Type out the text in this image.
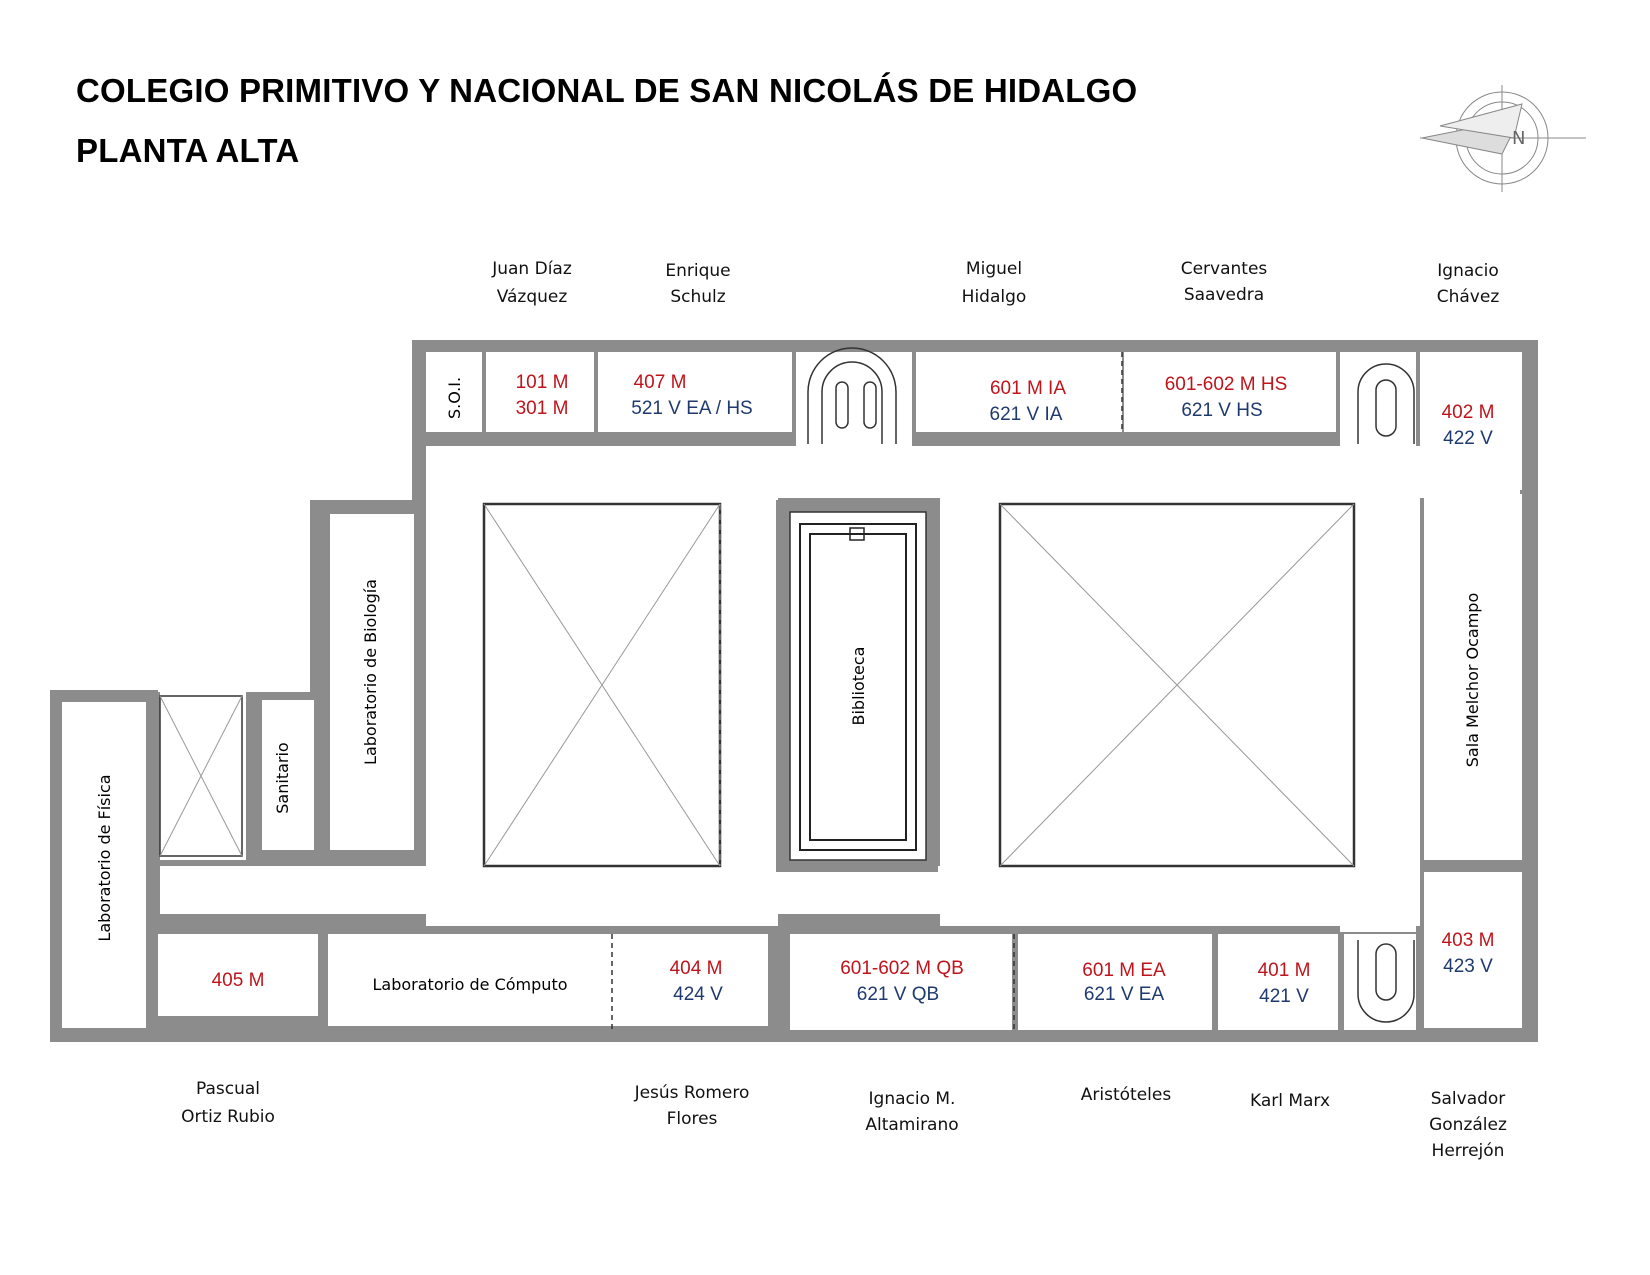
COLEGIO PRIMITIVO Y NACIONAL DE SAN NICOLÁS DE HIDALGO
PLANTA ALTA	N
Juan Díaz
Vázquez
Enrique
Schulz
Miguel
Hidalgo
Cervantes
Saavedra
Ignacio
Chávez
Pascual
Ortiz Rubio
Jesús Romero
Flores
Ignacio M.
Altamirano
Aristóteles	Karl Marx	Salvador
González
Herrejón
S.O.I.	101 M
301 M
407 M
521 V EA / HS
601 M IA
621 V IA
601-602 M HS
621 V HS	402 M
422 V
Sala Melchor Ocampo
403 M
423 V
Biblioteca
Laboratorio de Biología
Sanitario
Laboratorio de Física
405 M	Laboratorio de Cómputo
404 M
424 V
601-602 M QB
621 V QB
601 M EA
621 V EA
401 M
421 V
